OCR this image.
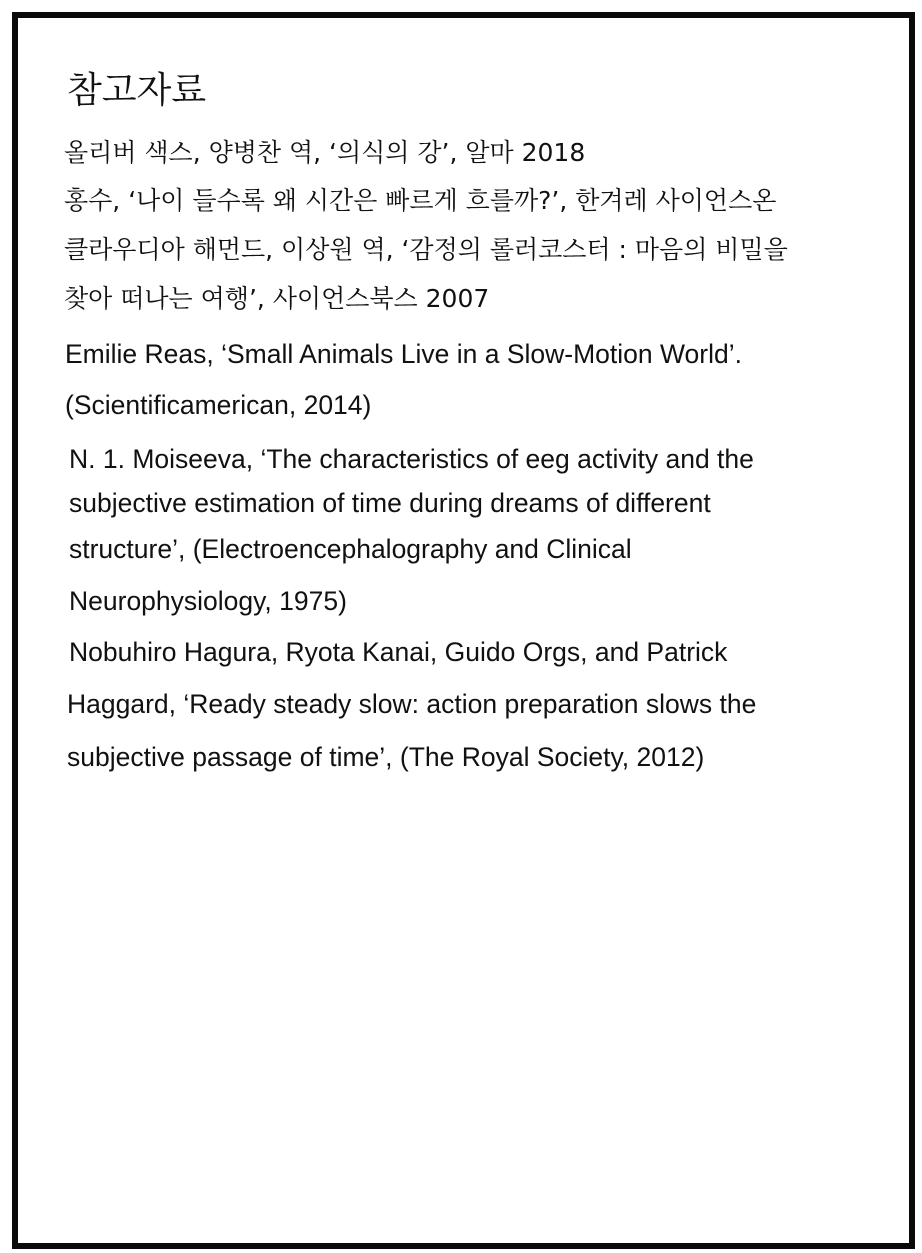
참고자료
올리버 색스, 양병찬 역, ‘의식의 강’, 알마 2018
홍수, ‘나이 들수록 왜 시간은 빠르게 흐를까?’, 한겨레 사이언스온
클라우디아 해먼드, 이상원 역, ‘감정의 롤러코스터 : 마음의 비밀을
찾아 떠나는 여행’, 사이언스북스 2007
Emilie Reas, ‘Small Animals Live in a Slow-Motion World’.
(Scientificamerican, 2014)
N. 1. Moiseeva, ‘The characteristics of eeg activity and the
subjective estimation of time during dreams of different
structure’, (Electroencephalography and Clinical
Neurophysiology, 1975)
Nobuhiro Hagura, Ryota Kanai, Guido Orgs, and Patrick
Haggard, ‘Ready steady slow: action preparation slows the
subjective passage of time’, (The Royal Society, 2012)
